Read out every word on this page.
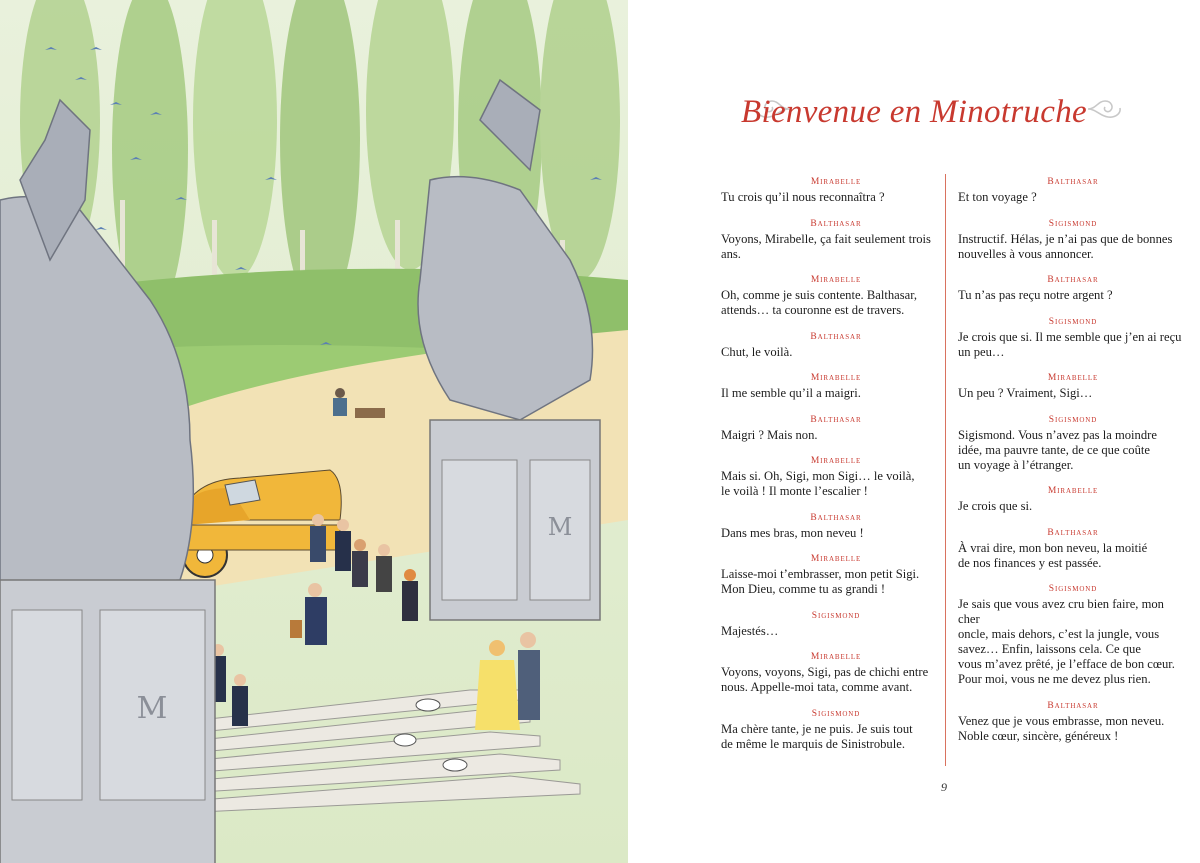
M
M
Bienvenue en Minotruche
Mirabelle
Tu crois qu’il nous reconnaîtra ?
Balthasar
Voyons, Mirabelle, ça fait seulement trois
ans.
Mirabelle
Oh, comme je suis contente. Balthasar,
attends… ta couronne est de travers.
Balthasar
Chut, le voilà.
Mirabelle
Il me semble qu’il a maigri.
Balthasar
Maigri ? Mais non.
Mirabelle
Mais si. Oh, Sigi, mon Sigi… le voilà,
le voilà ! Il monte l’escalier !
Balthasar
Dans mes bras, mon neveu !
Mirabelle
Laisse-moi t’embrasser, mon petit Sigi.
Mon Dieu, comme tu as grandi !
Sigismond
Majestés…
Mirabelle
Voyons, voyons, Sigi, pas de chichi entre
nous. Appelle-moi tata, comme avant.
Sigismond
Ma chère tante, je ne puis. Je suis tout
de même le marquis de Sinistrobule.
Balthasar
Et ton voyage ?
Sigismond
Instructif. Hélas, je n’ai pas que de bonnes
nouvelles à vous annoncer.
Balthasar
Tu n’as pas reçu notre argent ?
Sigismond
Je crois que si. Il me semble que j’en ai reçu
un peu…
Mirabelle
Un peu ? Vraiment, Sigi…
Sigismond
Sigismond. Vous n’avez pas la moindre
idée, ma pauvre tante, de ce que coûte
un voyage à l’étranger.
Mirabelle
Je crois que si.
Balthasar
À vrai dire, mon bon neveu, la moitié
de nos finances y est passée.
Sigismond
Je sais que vous avez cru bien faire, mon cher
oncle, mais dehors, c’est la jungle, vous
savez… Enfin, laissons cela. Ce que
vous m’avez prêté, je l’efface de bon cœur.
Pour moi, vous ne me devez plus rien.
Balthasar
Venez que je vous embrasse, mon neveu.
Noble cœur, sincère, généreux !
9
